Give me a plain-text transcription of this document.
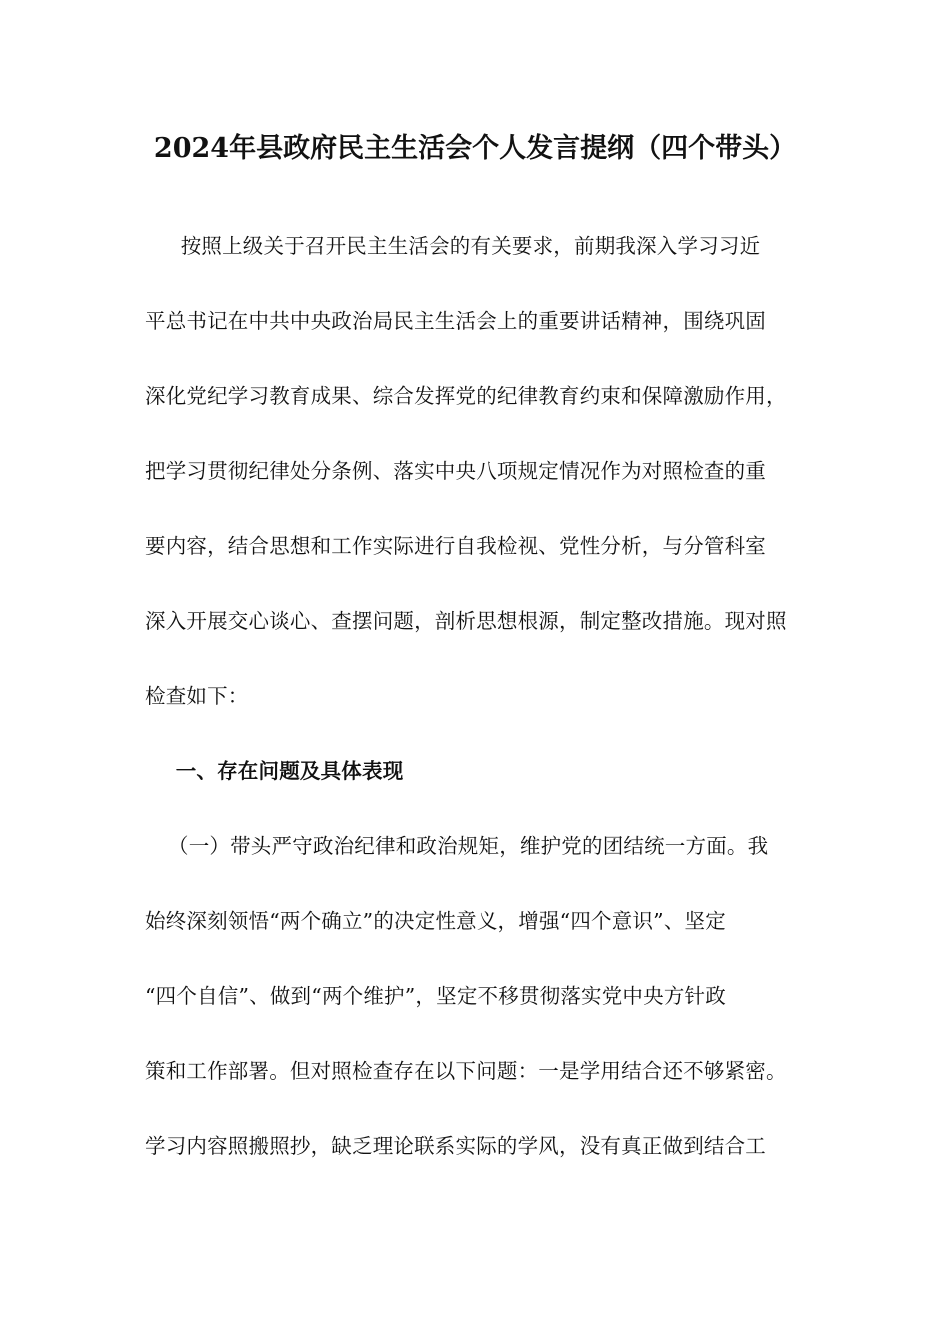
2024年县政府民主生活会个人发言提纲（四个带头）
　按照上级关于召开民主生活会的有关要求，前期我深入学习习近
平总书记在中共中央政治局民主生活会上的重要讲话精神，围绕巩固
深化党纪学习教育成果、综合发挥党的纪律教育约束和保障激励作用，
把学习贯彻纪律处分条例、落实中央八项规定情况作为对照检查的重
要内容，结合思想和工作实际进行自我检视、党性分析，与分管科室
深入开展交心谈心、查摆问题，剖析思想根源，制定整改措施。现对照
检查如下：
　一、存在问题及具体表现
（一）带头严守政治纪律和政治规矩，维护党的团结统一方面。我
始终深刻领悟“两个确立”的决定性意义，增强“四个意识”、坚定
“四个自信”、做到“两个维护”，坚定不移贯彻落实党中央方针政
策和工作部署。但对照检查存在以下问题：一是学用结合还不够紧密。
学习内容照搬照抄，缺乏理论联系实际的学风，没有真正做到结合工
